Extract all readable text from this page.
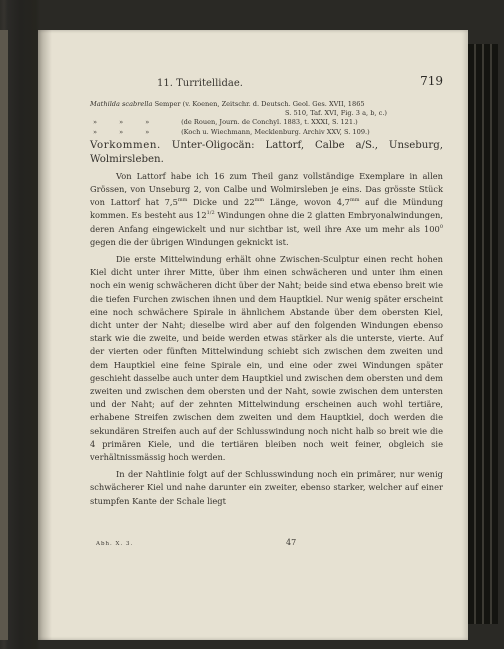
11. Turritellidae.	719
Mathilda scabrella Semper (v. Koenen, Zeitschr. d. Deutsch. Geol. Ges. XVII, 1865
S. 510, Taf. XVI, Fig. 3 a, b, c.)
» » »	(de Rouen, Journ. de Conchyl. 1883, t. XXXI, S. 121.)
» » »	(Koch u. Wiechmann, Mecklenburg. Archiv XXV, S. 109.)
Vorkommen. Unter-Oligocän: Lattorf, Calbe a/S., Unseburg, Wolmirsleben.
Von Lattorf habe ich 16 zum Theil ganz vollständige Exemplare in allen Grössen, von Unseburg 2, von Calbe und Wolmirsleben je eins. Das grösste Stück von Lattorf hat $7,5^{mm}$ Dicke und $22^{mm}$ Länge, wovon $4,7^{mm}$ auf die Mündung kommen. Es besteht aus $12^{1/2}$ Windungen ohne die 2 glatten Embryonalwindungen, deren Anfang eingewickelt und nur sichtbar ist, weil ihre Axe um mehr als $100^0$ gegen die der übrigen Windungen geknickt ist.
Die erste Mittelwindung erhält ohne Zwischen-Sculptur einen recht hohen Kiel dicht unter ihrer Mitte, über ihm einen schwächeren und unter ihm einen noch ein wenig schwächeren dicht über der Naht; beide sind etwa ebenso breit wie die tiefen Furchen zwischen ihnen und dem Hauptkiel. Nur wenig später erscheint eine noch schwächere Spirale in ähnlichem Abstande über dem obersten Kiel, dicht unter der Naht; dieselbe wird aber auf den folgenden Windungen ebenso stark wie die zweite, und beide werden etwas stärker als die unterste, vierte. Auf der vierten oder fünften Mittelwindung schiebt sich zwischen dem zweiten und dem Hauptkiel eine feine Spirale ein, und eine oder zwei Windungen später geschieht dasselbe auch unter dem Hauptkiel und zwischen dem obersten und dem zweiten und zwischen dem obersten und der Naht, sowie zwischen dem untersten und der Naht; auf der zehnten Mittelwindung erscheinen auch wohl tertiäre, erhabene Streifen zwischen dem zweiten und dem Hauptkiel, doch werden die sekundären Streifen auch auf der Schlusswindung noch nicht halb so breit wie die 4 primären Kiele, und die tertiären bleiben noch weit feiner, obgleich sie verhältnissmässig hoch werden.
In der Nahtlinie folgt auf der Schlusswindung noch ein primärer, nur wenig schwächerer Kiel und nahe darunter ein zweiter, ebenso starker, welcher auf einer stumpfen Kante der Schale liegt
Abh. X. 3.	47
